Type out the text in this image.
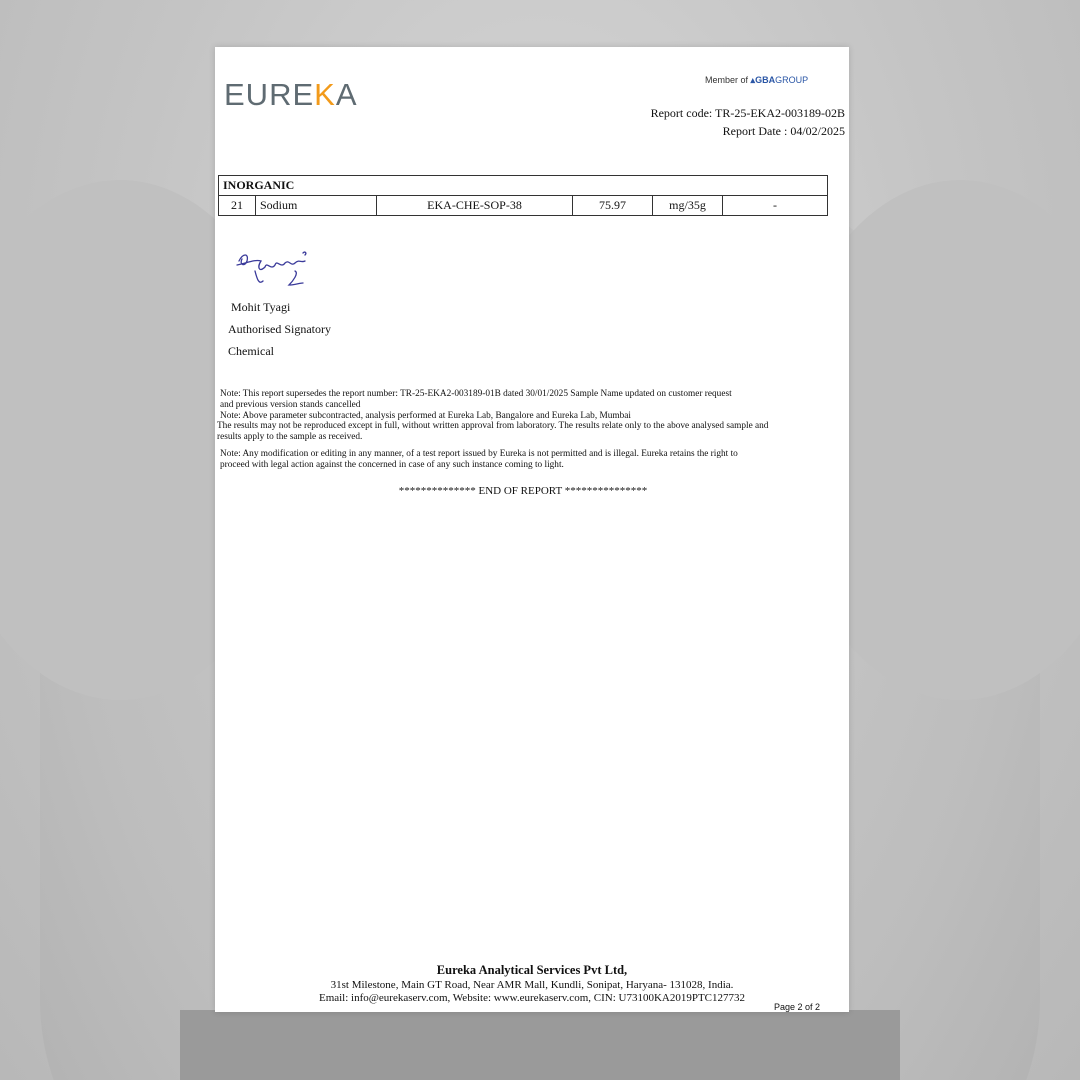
EUREKA	Member of ▴GBAGROUP
Report code: TR-25-EKA2-003189-02B
Report Date : 04/02/2025
INORGANIC
21	Sodium	EKA-CHE-SOP-38	75.97	mg/35g	-
Mohit Tyagi
Authorised Signatory
Chemical

Note: This report supersedes the report number: TR-25-EKA2-003189-01B dated 30/01/2025 Sample Name updated on customer request

and previous version stands cancelled

Note: Above parameter subcontracted, analysis performed at Eureka Lab, Bangalore and Eureka Lab, Mumbai

The results may not be reproduced except in full, without written approval from laboratory. The results relate only to the above analysed sample and

results apply to the sample as received.

Note: Any modification or editing in any manner, of a test report issued by Eureka is not permitted and is illegal. Eureka retains the right to

proceed with legal action against the concerned in case of any such instance coming to light.

************** END OF REPORT ***************
Eureka Analytical Services Pvt Ltd,
31st Milestone, Main GT Road, Near AMR Mall, Kundli, Sonipat, Haryana- 131028, India.
Email: info@eurekaserv.com, Website: www.eurekaserv.com, CIN: U73100KA2019PTC127732
Page 2 of 2
